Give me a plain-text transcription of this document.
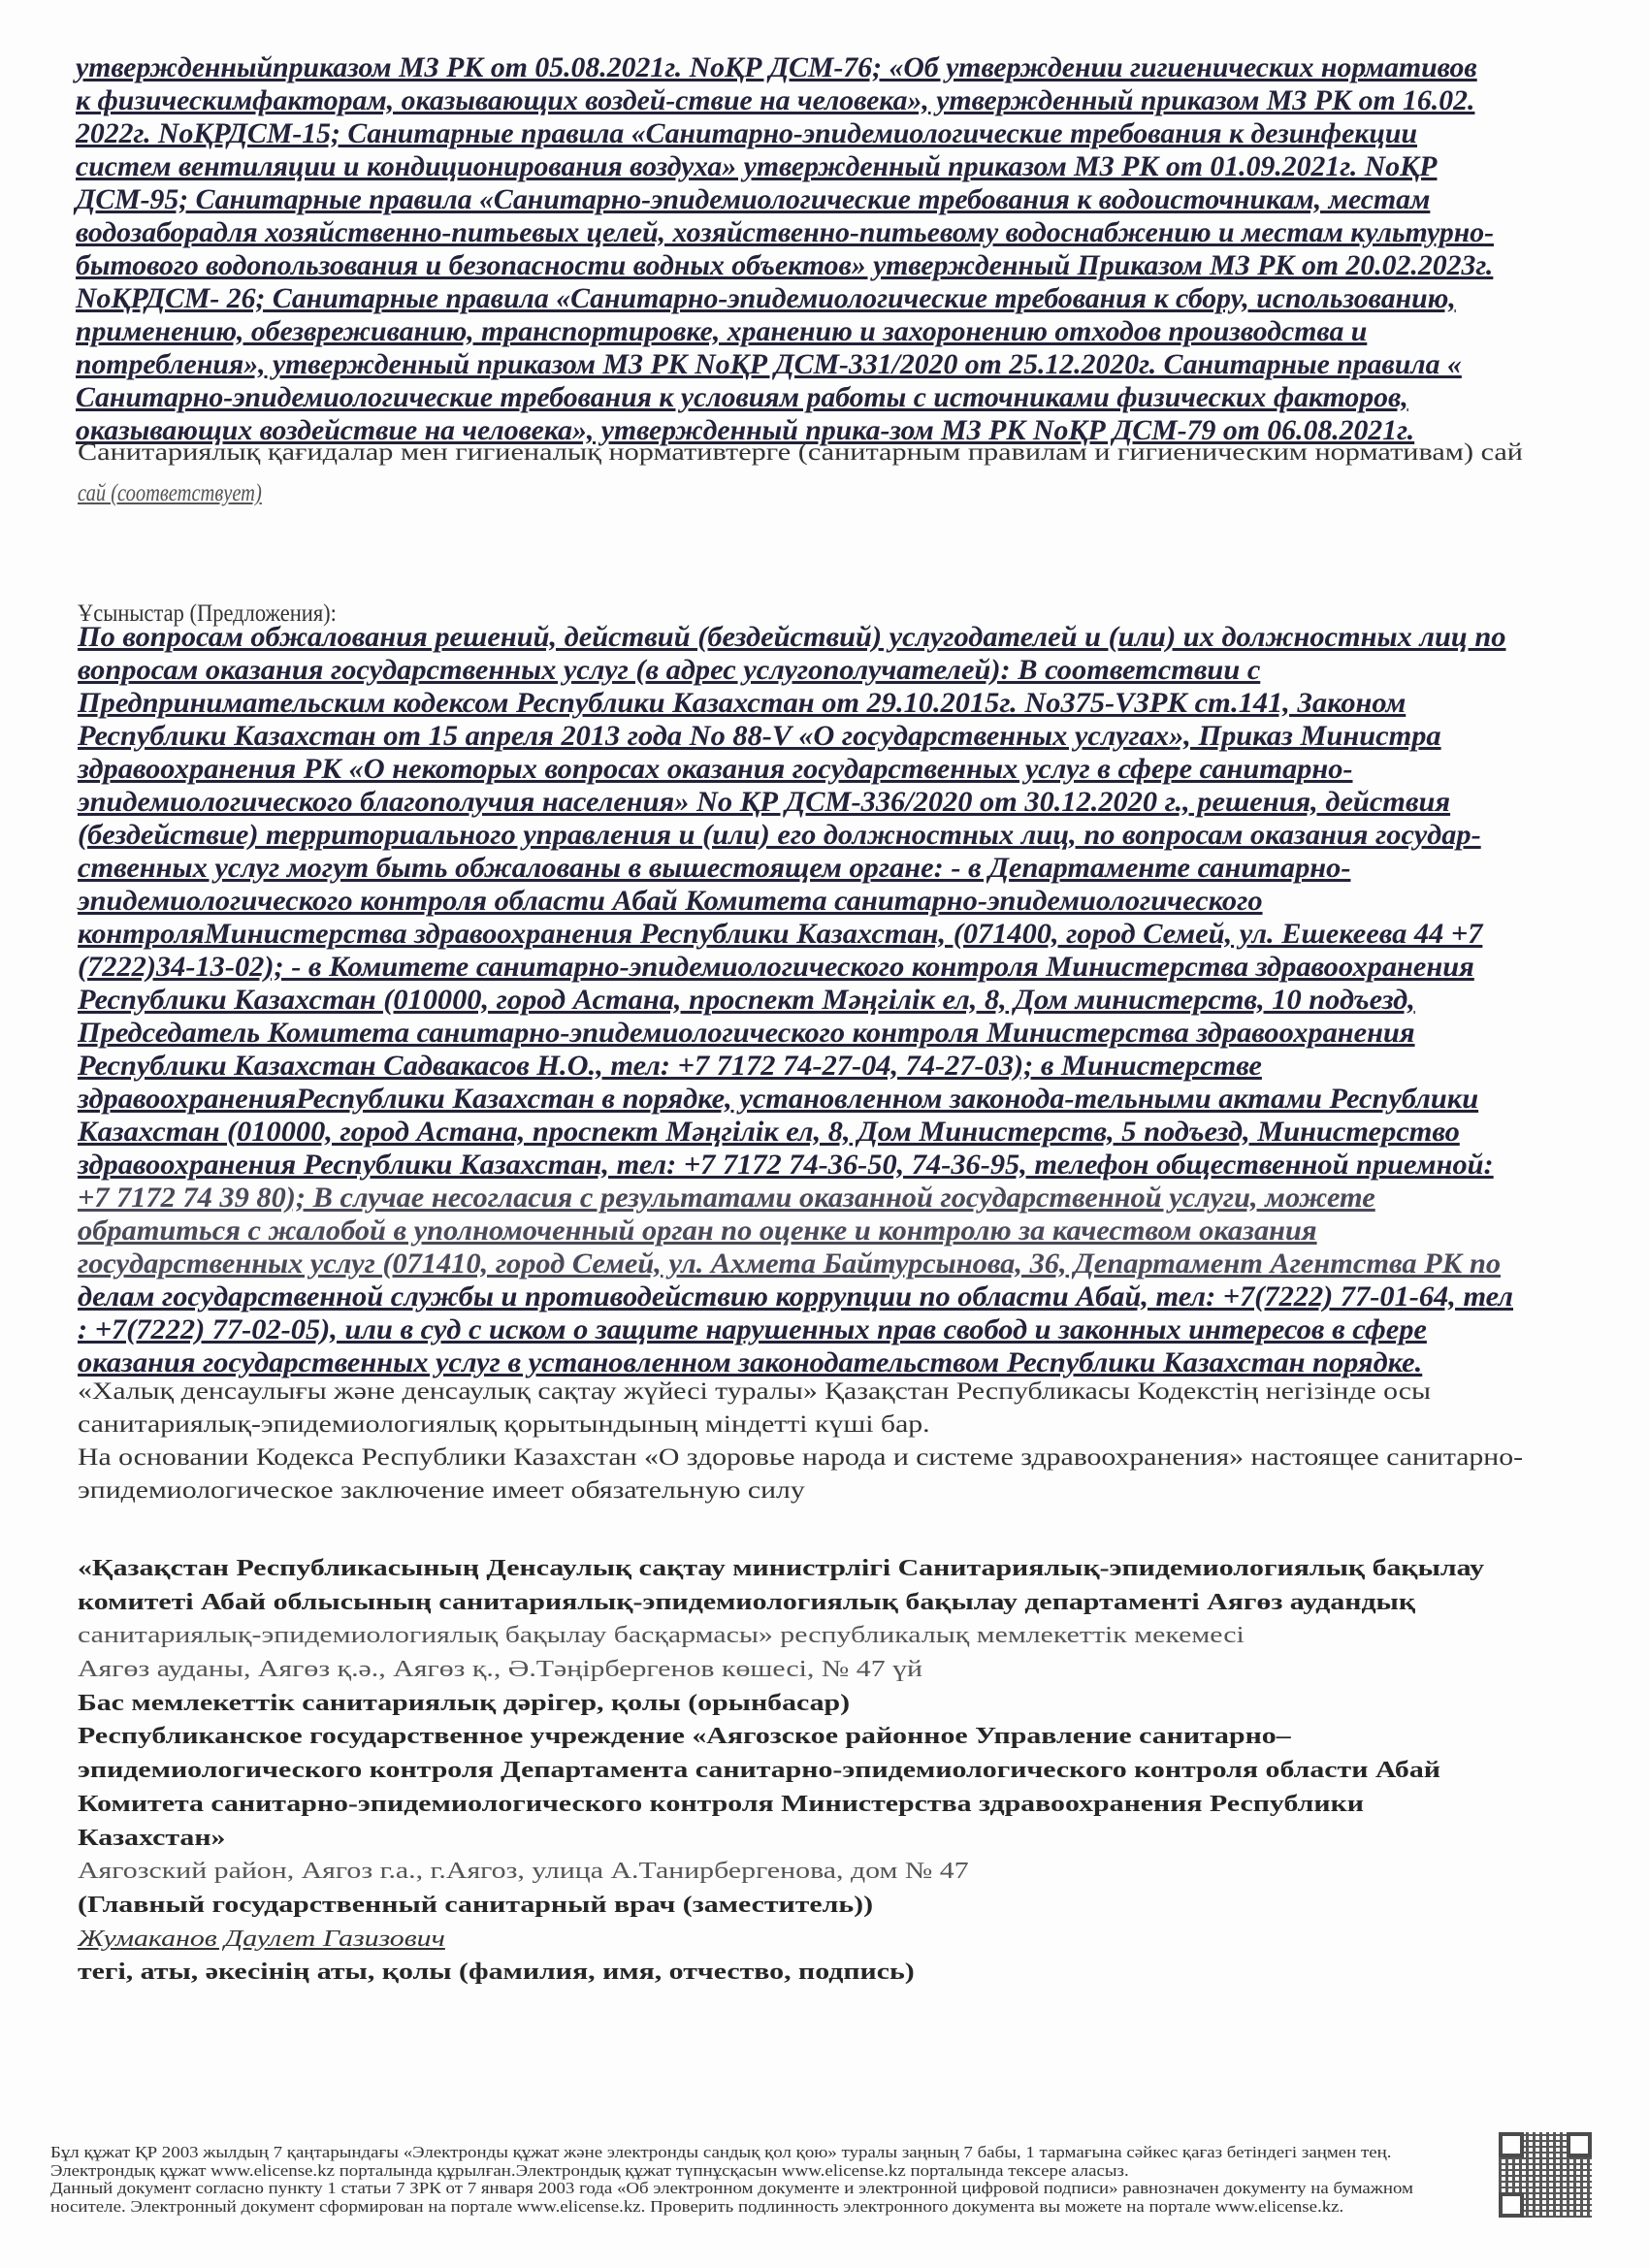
утвержденныйприказом МЗ РК от 05.08.2021г. NoҚР ДСМ-76; «Об утверждении гигиенических нормативов
к физическимфакторам, оказывающих воздей-ствие на человека», утвержденный приказом МЗ РК от 16.02.
2022г. NoҚРДСМ-15; Санитарные правила «Санитарно-эпидемиологические требования к дезинфекции
систем вентиляции и кондиционирования воздуха» утвержденный приказом МЗ РК от 01.09.2021г. NoҚР
ДСМ-95; Санитарные правила «Санитарно-эпидемиологические требования к водоисточникам, местам
водозаборадля хозяйственно-питьевых целей, хозяйственно-питьевому водоснабжению и местам культурно-
бытового водопользования и безопасности водных объектов» утвержденный Приказом МЗ РК от 20.02.2023г.
NoҚРДСМ- 26; Санитарные правила «Санитарно-эпидемиологические требования к сбору, использованию,
применению, обезвреживанию, транспортировке, хранению и захоронению отходов производства и
потребления», утвержденный приказом МЗ РК NoҚР ДСМ-331/2020 от 25.12.2020г. Санитарные правила «
Санитарно-эпидемиологические требования к условиям работы с источниками физических факторов,
оказывающих воздействие на человека», утвержденный прика-зом МЗ РК NoҚР ДСМ-79 от 06.08.2021г.
Санитариялық қағидалар мен гигиеналық нормативтерге (санитарным правилам и гигиеническим нормативам) сай
сай (соответствует)
Ұсыныстар (Предложения):
По вопросам обжалования решений, действий (бездействий) услугодателей и (или) их должностных лиц по
вопросам оказания государственных услуг (в адрес услугополучателей): В соответствии с
Предпринимательским кодексом Республики Казахстан от 29.10.2015г. No375-VЗРК ст.141, Законом
Республики Казахстан от 15 апреля 2013 года No 88-V «О государственных услугах», Приказ Министра
здравоохранения РК «О некоторых вопросах оказания государственных услуг в сфере санитарно-
эпидемиологического благополучия населения» No ҚР ДСМ-336/2020 от 30.12.2020 г., решения, действия
(бездействие) территориального управления и (или) его должностных лиц, по вопросам оказания государ-
ственных услуг могут быть обжалованы в вышестоящем органе: - в Департаменте санитарно-
эпидемиологического контроля области Абай Комитета санитарно-эпидемиологического
контроляМинистерства здравоохранения Республики Казахстан, (071400, город Семей, ул. Ешекеева 44 +7
(7222)34-13-02); - в Комитете санитарно-эпидемиологического контроля Министерства здравоохранения
Республики Казахстан (010000, город Астана, проспект Мәңгілік ел, 8, Дом министерств, 10 подъезд,
Председатель Комитета санитарно-эпидемиологического контроля Министерства здравоохранения
Республики Казахстан Садвакасов Н.О., тел: +7 7172 74-27-04, 74-27-03); в Министерстве
здравоохраненияРеспублики Казахстан в порядке, установленном законода-тельными актами Республики
Казахстан (010000, город Астана, проспект Мәңгілік ел, 8, Дом Министерств, 5 подъезд, Министерство
здравоохранения Республики Казахстан, тел: +7 7172 74-36-50, 74-36-95, телефон общественной приемной:
+7 7172 74 39 80); В случае несогласия с результатами оказанной государственной услуги, можете
обратиться с жалобой в уполномоченный орган по оценке и контролю за качеством оказания
государственных услуг (071410, город Семей, ул. Ахмета Байтурсынова, 36, Департамент Агентства РК по
делам государственной службы и противодействию коррупции по области Абай, тел: +7(7222) 77-01-64, тел
: +7(7222) 77-02-05), или в суд с иском о защите нарушенных прав свобод и законных интересов в сфере
оказания государственных услуг в установленном законодательством Республики Казахстан порядке.
«Халық денсаулығы және денсаулық сақтау жүйесі туралы» Қазақстан Республикасы Кодекстің негізінде осы
санитариялық-эпидемиологиялық қорытындының міндетті күші бар.
На основании Кодекса Республики Казахстан «О здоровье народа и системе здравоохранения» настоящее санитарно-
эпидемиологическое заключение имеет обязательную силу
«Қазақстан Республикасының Денсаулық сақтау министрлігі Санитариялық-эпидемиологиялық бақылау
комитеті Абай облысының санитариялық-эпидемиологиялық бақылау департаменті Аягөз аудандық
санитариялық-эпидемиологиялық бақылау басқармасы» республикалық мемлекеттік мекемесі
Аягөз ауданы, Аягөз қ.ә., Аягөз қ., Ә.Тәңірбергенов көшесі, № 47 үй
Бас мемлекеттік санитариялық дәрігер, қолы (орынбасар)
Республиканское государственное учреждение «Аягозское районное Управление санитарно–
эпидемиологического контроля Департамента санитарно-эпидемиологического контроля области Абай
Комитета санитарно-эпидемиологического контроля Министерства здравоохранения Республики
Казахстан»
Аягозский район, Аягоз г.а., г.Аягоз, улица А.Танирбергенова, дом № 47
(Главный государственный санитарный врач (заместитель))
Жумаканов Даулет Газизович
тегі, аты, әкесінің аты, қолы (фамилия, имя, отчество, подпись)
Бұл құжат ҚР 2003 жылдың 7 қаңтарындағы «Электронды құжат және электронды сандық қол қою» туралы заңның 7 бабы, 1 тармағына сәйкес қағаз бетіндегі заңмен тең.
Электрондық құжат www.elicense.kz порталында құрылған.Электрондық құжат түпнұсқасын www.elicense.kz порталында тексере аласыз.
Данный документ согласно пункту 1 статьи 7 ЗРК от 7 января 2003 года «Об электронном документе и электронной цифровой подписи» равнозначен документу на бумажном
носителе. Электронный документ сформирован на портале www.elicense.kz. Проверить подлинность электронного документа вы можете на портале www.elicense.kz.
